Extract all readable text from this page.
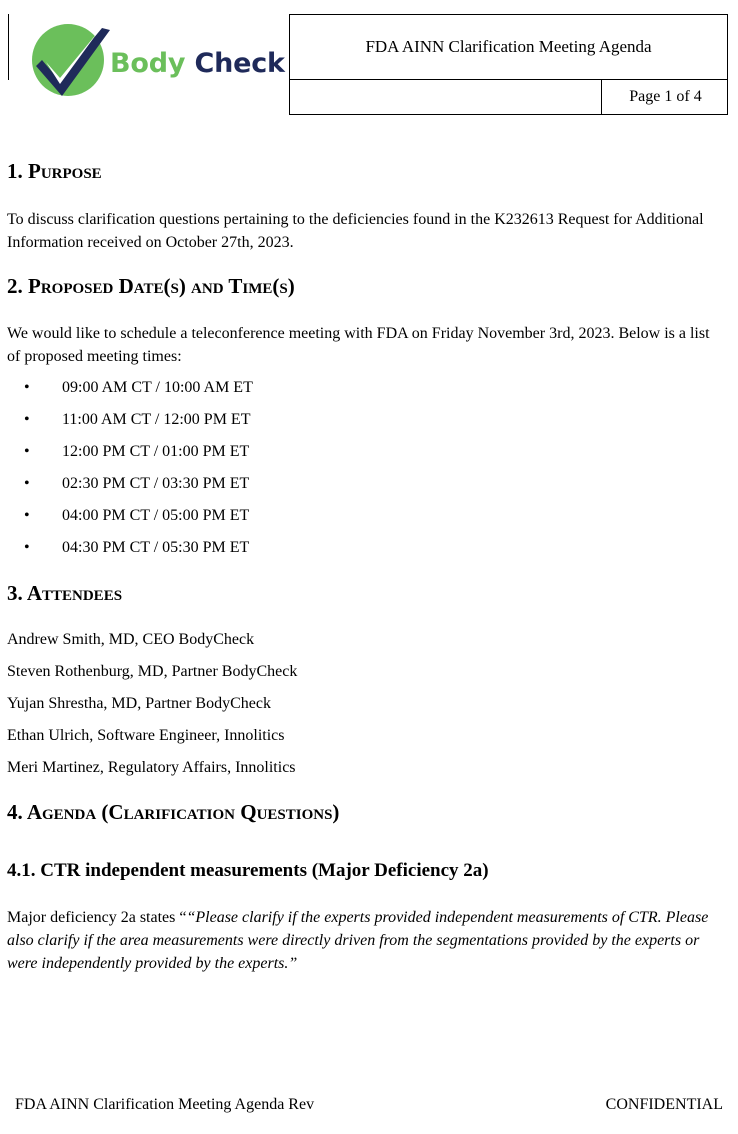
Body Check
FDA AINN Clarification Meeting Agenda
Page 1 of 4
1. Purpose

To discuss clarification questions pertaining to the deficiencies found in the K232613 Request for Additional Information received on October 27th, 2023.

2. Proposed Date(s) and Time(s)

We would like to schedule a teleconference meeting with FDA on Friday November 3rd, 2023. Below is a list of proposed meeting times:

• 09:00 AM CT / 10:00 AM ET
• 11:00 AM CT / 12:00 PM ET
• 12:00 PM CT / 01:00 PM ET
• 02:30 PM CT / 03:30 PM ET
• 04:00 PM CT / 05:00 PM ET
• 04:30 PM CT / 05:30 PM ET
3. Attendees
Andrew Smith, MD, CEO BodyCheck
Steven Rothenburg, MD, Partner BodyCheck
Yujan Shrestha, MD, Partner BodyCheck
Ethan Ulrich, Software Engineer, Innolitics
Meri Martinez, Regulatory Affairs, Innolitics
4. Agenda (Clarification Questions)
4.1. CTR independent measurements (Major Deficiency 2a)

Major deficiency 2a states ““Please clarify if the experts provided independent measurements of CTR. Please also clarify if the area measurements were directly driven from the segmentations provided by the experts or were independently provided by the experts.”

FDA AINN Clarification Meeting Agenda Rev	CONFIDENTIAL
